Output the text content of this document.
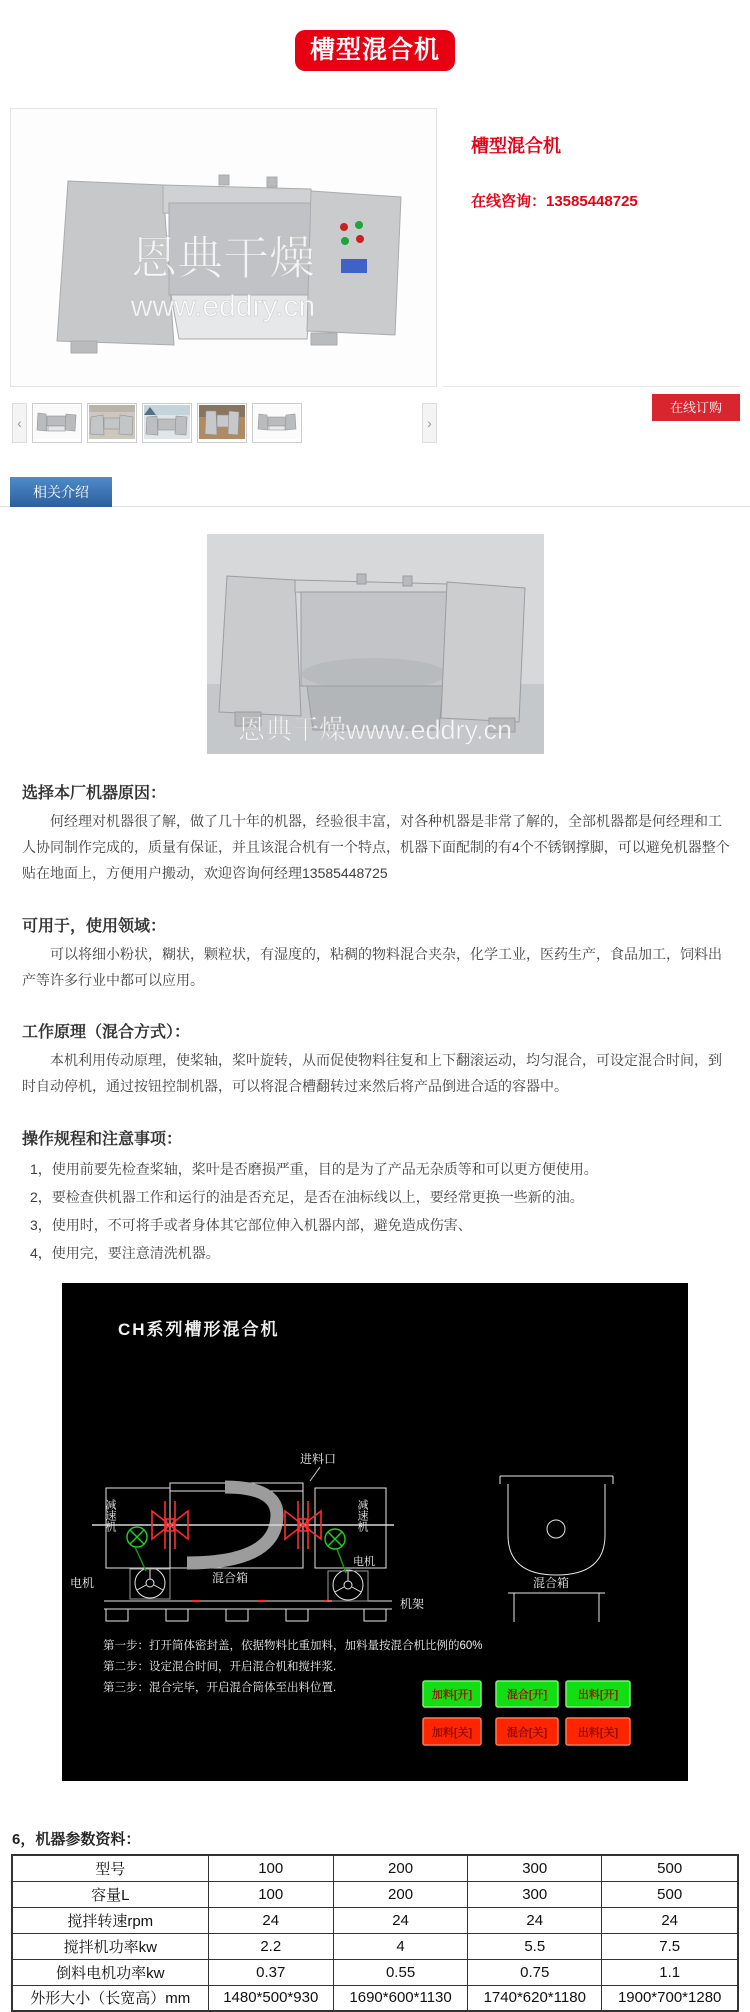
槽型混合机
恩典干燥
www.eddry.cn
槽型混合机
在线咨询：13585448725
在线订购
‹	›
相关介绍
恩典干燥www.eddry.cn
选择本厂机器原因：
何经理对机器很了解，做了几十年的机器，经验很丰富，对各种机器是非常了解的，全部机器都是何经理和工人协同制作完成的，质量有保证，并且该混合机有一个特点，机器下面配制的有4个不锈钢撑脚，可以避免机器整个贴在地面上，方便用户搬动，欢迎咨询何经理13585448725
可用于，使用领域：
可以将细小粉状，糊状，颗粒状，有湿度的，粘稠的物料混合夹杂，化学工业，医药生产，食品加工，饲料出产等许多行业中都可以应用。
工作原理（混合方式）：
本机利用传动原理，使桨轴，桨叶旋转，从而促使物料往复和上下翻滚运动，均匀混合，可设定混合时间，到时自动停机，通过按钮控制机器，可以将混合槽翻转过来然后将产品倒进合适的容器中。
操作规程和注意事项：
1，使用前要先检查桨轴，桨叶是否磨损严重，目的是为了产品无杂质等和可以更方便使用。
2，要检查供机器工作和运行的油是否充足，是否在油标线以上，要经常更换一些新的油。
3，使用时，不可将手或者身体其它部位伸入机器内部，避免造成伤害、
4，使用完，要注意清洗机器。
CH系列槽形混合机
进料口
减速机	减速机
电机
电机
混合箱
机架
混合箱
第一步：打开筒体密封盖，依据物料比重加料，加料量按混合机比例的60%
第二步：设定混合时间，开启混合机和搅拌浆.
第三步：混合完毕，开启混合筒体至出料位置.
加料[开]	混合[开]	出料[开]
加料[关]	混合[关]	出料[关]
6，机器参数资料：
型号	100	200	300	500
容量L	100	200	300	500
搅拌转速rpm	24	24	24	24
搅拌机功率kw	2.2	4	5.5	7.5
倒料电机功率kw	0.37	0.55	0.75	1.1
外形大小（长宽高）mm	1480*500*930	1690*600*1130	1740*620*1180	1900*700*1280
